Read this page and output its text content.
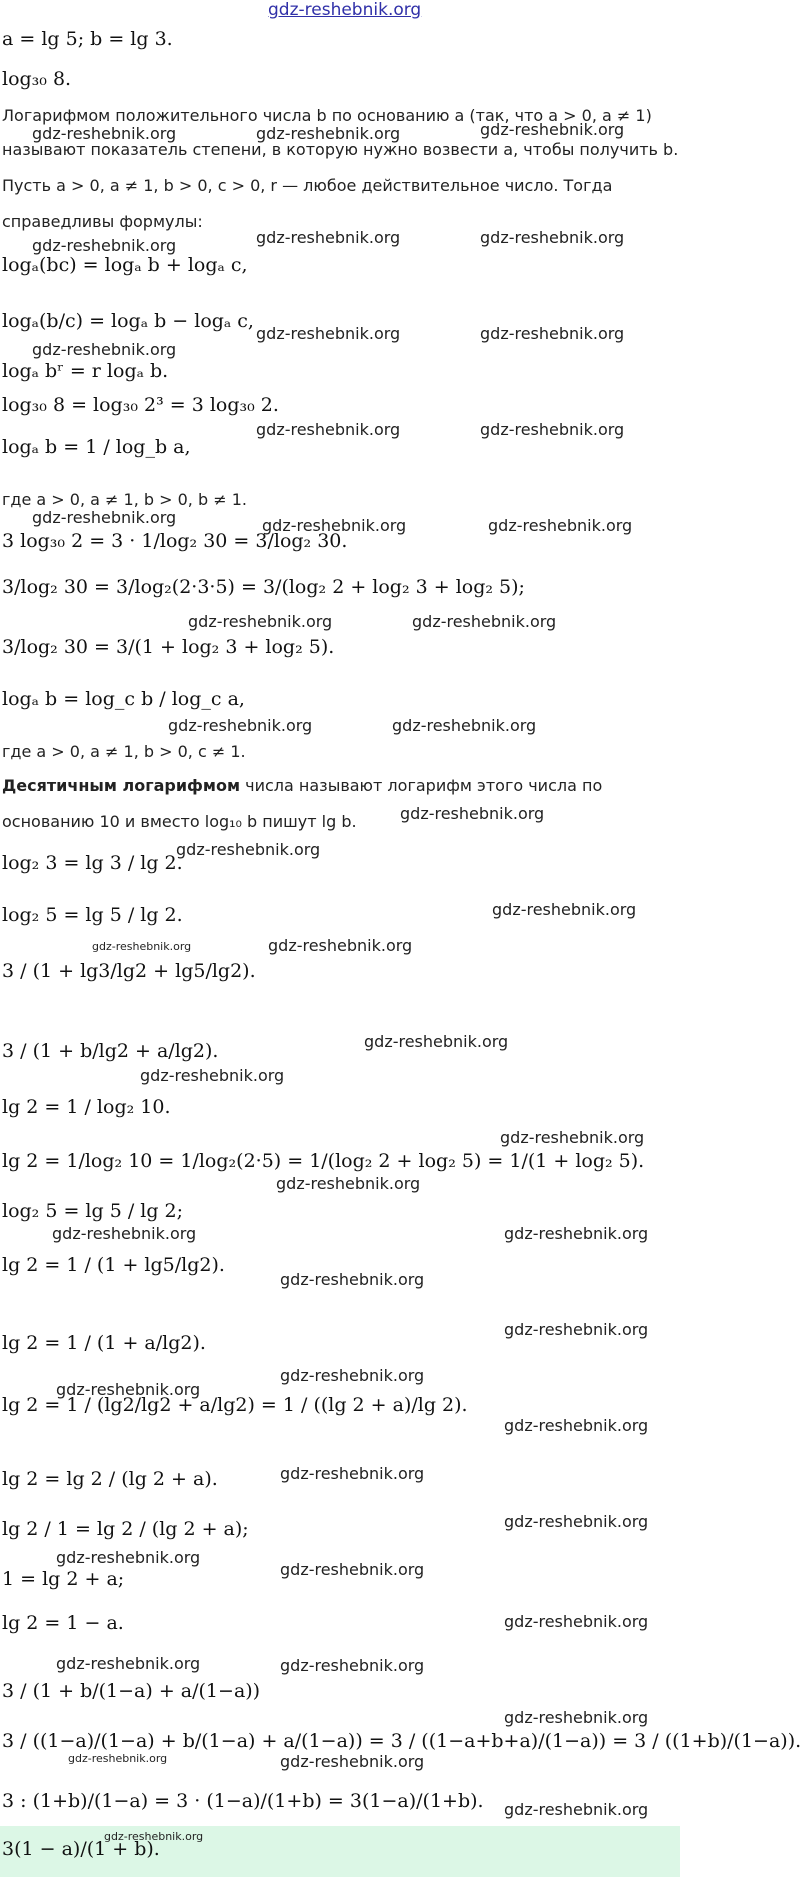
gdz-reshebnik.org
a = lg 5; b = lg 3.
log₃₀ 8.
Логарифмом положительного числа b по основанию a (так, что a > 0, a ≠ 1)
называют показатель степени, в которую нужно возвести a, чтобы получить b.
Пусть a > 0, a ≠ 1, b > 0, c > 0, r — любое действительное число. Тогда
справедливы формулы:
logₐ(bc) = logₐ b + logₐ c,
logₐ(b/c) = logₐ b − logₐ c,
logₐ bʳ = r logₐ b.
log₃₀ 8 = log₃₀ 2³ = 3 log₃₀ 2.
logₐ b = 1 / log_b a,
где a > 0, a ≠ 1, b > 0, b ≠ 1.
3 log₃₀ 2 = 3 · 1/log₂ 30 = 3/log₂ 30.
3/log₂ 30 = 3/log₂(2·3·5) = 3/(log₂ 2 + log₂ 3 + log₂ 5);
3/log₂ 30 = 3/(1 + log₂ 3 + log₂ 5).
logₐ b = log_c b / log_c a,
где a > 0, a ≠ 1, b > 0, c ≠ 1.
Десятичным логарифмом числа называют логарифм этого числа по
основанию 10 и вместо log₁₀ b пишут lg b.
log₂ 3 = lg 3 / lg 2.
log₂ 5 = lg 5 / lg 2.
3 / (1 + lg3/lg2 + lg5/lg2).
3 / (1 + b/lg2 + a/lg2).
lg 2 = 1 / log₂ 10.
lg 2 = 1/log₂ 10 = 1/log₂(2·5) = 1/(log₂ 2 + log₂ 5) = 1/(1 + log₂ 5).
log₂ 5 = lg 5 / lg 2;
lg 2 = 1 / (1 + lg5/lg2).
lg 2 = 1 / (1 + a/lg2).
lg 2 = 1 / (lg2/lg2 + a/lg2) = 1 / ((lg 2 + a)/lg 2).
lg 2 = lg 2 / (lg 2 + a).
lg 2 / 1 = lg 2 / (lg 2 + a);
1 = lg 2 + a;
lg 2 = 1 − a.
3 / (1 + b/(1−a) + a/(1−a))
3 / ((1−a)/(1−a) + b/(1−a) + a/(1−a)) = 3 / ((1−a+b+a)/(1−a)) = 3 / ((1+b)/(1−a)).
3 : (1+b)/(1−a) = 3 · (1−a)/(1+b) = 3(1−a)/(1+b).
3(1 − a)/(1 + b).
gdz-reshebnik.org	gdz-reshebnik.org	gdz-reshebnik.org
gdz-reshebnik.org	gdz-reshebnik.org	gdz-reshebnik.org
gdz-reshebnik.org	gdz-reshebnik.org
gdz-reshebnik.org
gdz-reshebnik.org	gdz-reshebnik.org
gdz-reshebnik.org	gdz-reshebnik.org	gdz-reshebnik.org
gdz-reshebnik.org	gdz-reshebnik.org
gdz-reshebnik.org	gdz-reshebnik.org
gdz-reshebnik.org
gdz-reshebnik.org
gdz-reshebnik.org
gdz-reshebnik.org	gdz-reshebnik.org
gdz-reshebnik.org
gdz-reshebnik.org
gdz-reshebnik.org
gdz-reshebnik.org
gdz-reshebnik.org	gdz-reshebnik.org
gdz-reshebnik.org
gdz-reshebnik.org
gdz-reshebnik.org
gdz-reshebnik.org
gdz-reshebnik.org
gdz-reshebnik.org
gdz-reshebnik.org
gdz-reshebnik.org
gdz-reshebnik.org
gdz-reshebnik.org
gdz-reshebnik.org
gdz-reshebnik.org
gdz-reshebnik.org
gdz-reshebnik.org	gdz-reshebnik.org
gdz-reshebnik.org
gdz-reshebnik.org
